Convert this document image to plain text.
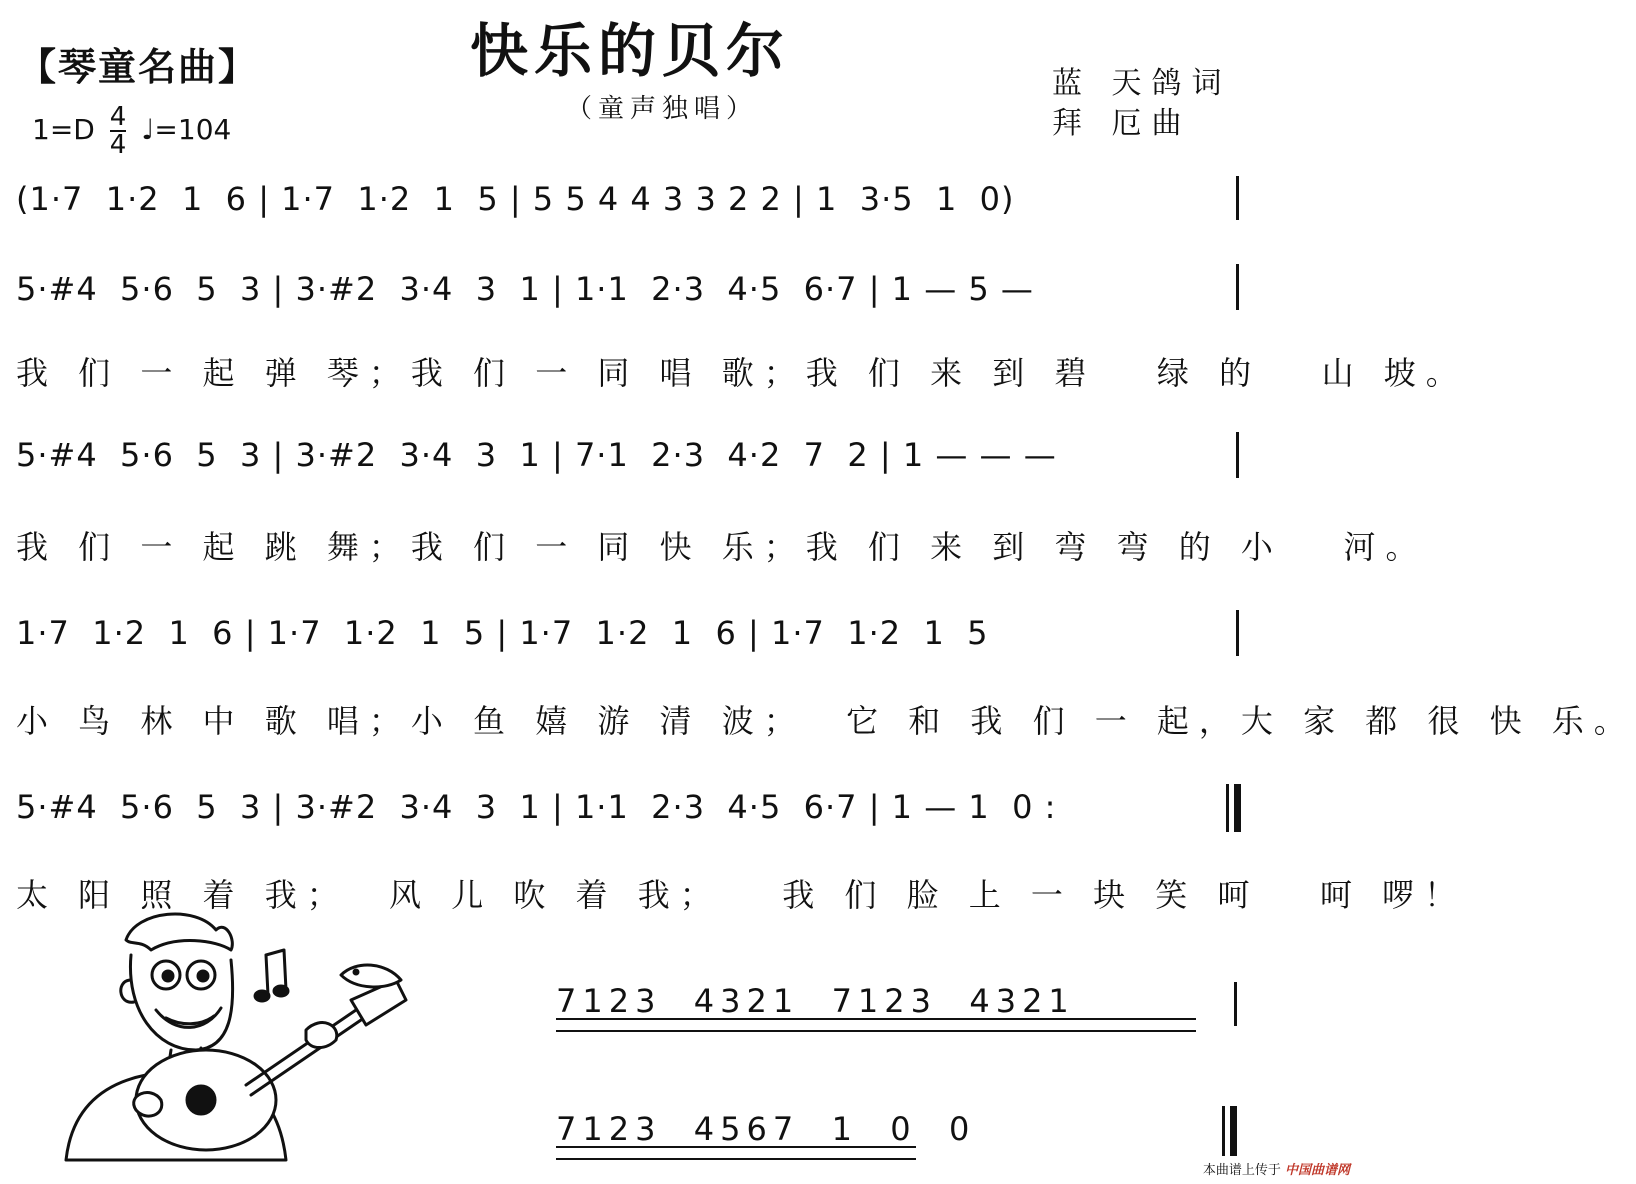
【琴童名曲】
$1=D \frac{4}{4}$ ♩=104
快乐的贝尔
（童声独唱）
蓝 天鸽词
拜 厄曲
(1·7  1·2  1  6 | 1·7  1·2  1  5 | 5 5 4 4 3 3 2 2 | 1  3·5  1  0)
5·#4  5·6  5  3 | 3·#2  3·4  3  1 | 1·1  2·3  4·5  6·7 | 1 — 5 —
我 们 一 起 弹 琴；我 们 一 同 唱 歌；我 们 来 到 碧   绿 的   山 坡。
5·#4  5·6  5  3 | 3·#2  3·4  3  1 | 7·1  2·3  4·2  7  2 | 1 — — —
我 们 一 起 跳 舞；我 们 一 同 快 乐；我 们 来 到 弯 弯 的 小   河。
1·7  1·2  1  6 | 1·7  1·2  1  5 | 1·7  1·2  1  6 | 1·7  1·2  1  5
小 鸟 林 中 歌 唱；小 鱼 嬉 游 清 波；  它 和 我 们 一 起，大 家 都 很 快 乐。
5·#4  5·6  5  3 | 3·#2  3·4  3  1 | 1·1  2·3  4·5  6·7 | 1 — 1  0 :
太 阳 照 着 我；  风 儿 吹 着 我；   我 们 脸 上 一 块 笑 呵   呵 啰！
7123  4321  7123  4321
7123  4567  1  0  0
本曲谱上传于 中国曲谱网
